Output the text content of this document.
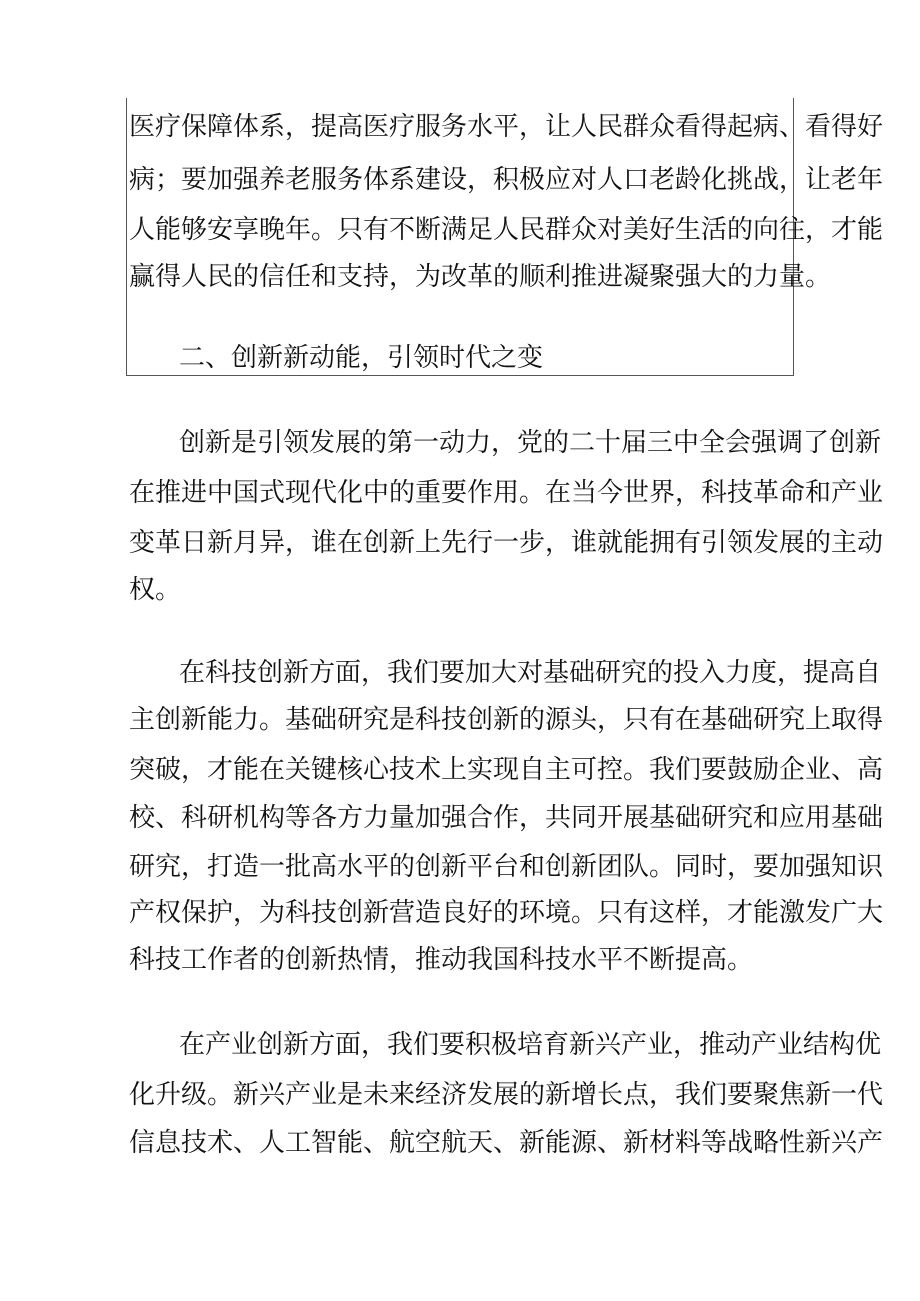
医疗保障体系，提高医疗服务水平，让人民群众看得起病、看得好
病；要加强养老服务体系建设，积极应对人口老龄化挑战，让老年
人能够安享晚年。只有不断满足人民群众对美好生活的向往，才能
赢得人民的信任和支持，为改革的顺利推进凝聚强大的力量。
二、创新新动能，引领时代之变
创新是引领发展的第一动力，党的二十届三中全会强调了创新
在推进中国式现代化中的重要作用。在当今世界，科技革命和产业
变革日新月异，谁在创新上先行一步，谁就能拥有引领发展的主动
权。
在科技创新方面，我们要加大对基础研究的投入力度，提高自
主创新能力。基础研究是科技创新的源头，只有在基础研究上取得
突破，才能在关键核心技术上实现自主可控。我们要鼓励企业、高
校、科研机构等各方力量加强合作，共同开展基础研究和应用基础
研究，打造一批高水平的创新平台和创新团队。同时，要加强知识
产权保护，为科技创新营造良好的环境。只有这样，才能激发广大
科技工作者的创新热情，推动我国科技水平不断提高。
在产业创新方面，我们要积极培育新兴产业，推动产业结构优
化升级。新兴产业是未来经济发展的新增长点，我们要聚焦新一代
信息技术、人工智能、航空航天、新能源、新材料等战略性新兴产
